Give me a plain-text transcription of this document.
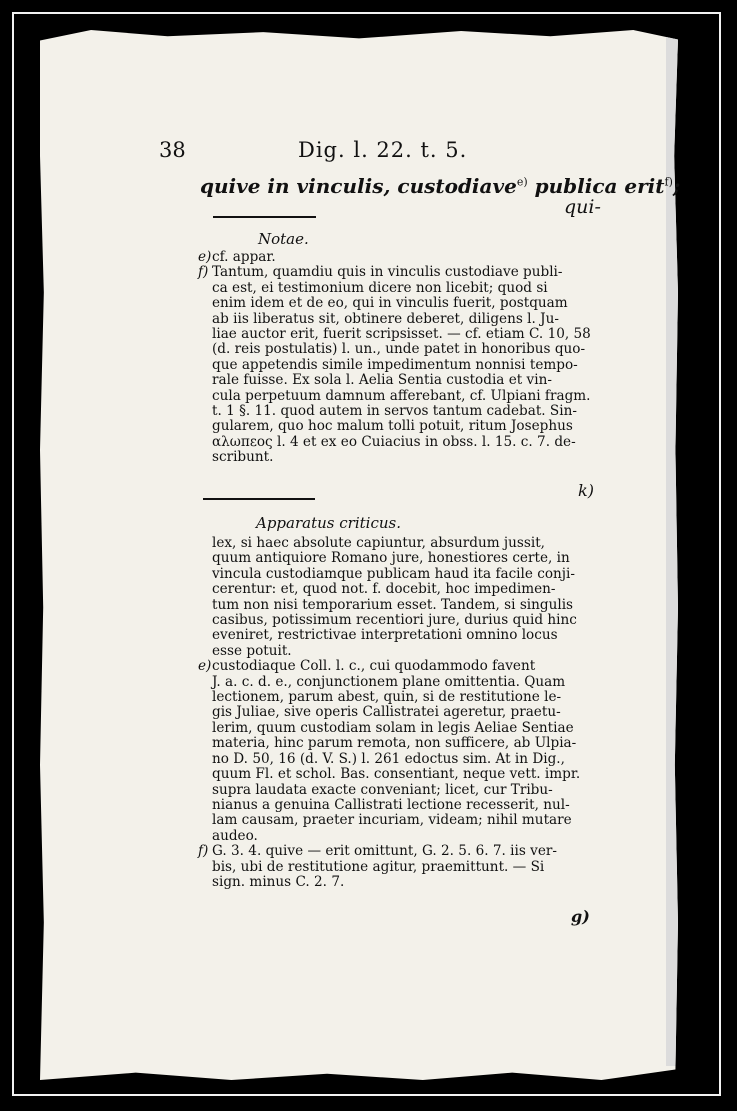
38	Dig. l. 22. t. 5.
quive in vinculis, custodiave$^{e)}$ publica erit$^{f)}$;
qui-
Notae.
e) cf. appar.
f) Tantum, quamdiu quis in vinculis custodiave publi-
ca est, ei testimonium dicere non licebit; quod si
enim idem et de eo, qui in vinculis fuerit, postquam
ab iis liberatus sit, obtinere deberet, diligens l. Ju-
liae auctor erit, fuerit scripsisset. — cf. etiam C. 10, 58
(d. reis postulatis) l. un., unde patet in honoribus quo-
que appetendis simile impedimentum nonnisi tempo-
rale fuisse. Ex sola l. Aelia Sentia custodia et vin-
cula perpetuum damnum afferebant, cf. Ulpiani fragm.
t. 1 §. 11. quod autem in servos tantum cadebat. Sin-
gularem, quo hoc malum tolli potuit, ritum Josephus
αλωπεος l. 4 et ex eo Cuiacius in obss. l. 15. c. 7. de-
scribunt.
k)
Apparatus criticus.
lex, si haec absolute capiuntur, absurdum jussit,
quum antiquiore Romano jure, honestiores certe, in
vincula custodiamque publicam haud ita facile conji-
cerentur: et, quod not. f. docebit, hoc impedimen-
tum non nisi temporarium esset. Tandem, si singulis
casibus, potissimum recentiori jure, durius quid hinc
eveniret, restrictivae interpretationi omnino locus
esse potuit.
e) custodiaque Coll. l. c., cui quodammodo favent
J. a. c. d. e., conjunctionem plane omittentia. Quam
lectionem, parum abest, quin, si de restitutione le-
gis Juliae, sive operis Callistratei ageretur, praetu-
lerim, quum custodiam solam in legis Aeliae Sentiae
materia, hinc parum remota, non sufficere, ab Ulpia-
no D. 50, 16 (d. V. S.) l. 261 edoctus sim. At in Dig.,
quum Fl. et schol. Bas. consentiant, neque vett. impr.
supra laudata exacte conveniant; licet, cur Tribu-
nianus a genuina Callistrati lectione recesserit, nul-
lam causam, praeter incuriam, videam; nihil mutare
audeo.
f) G. 3. 4. quive — erit omittunt, G. 2. 5. 6. 7. iis ver-
bis, ubi de restitutione agitur, praemittunt. — Si
sign. minus C. 2. 7.
g)
